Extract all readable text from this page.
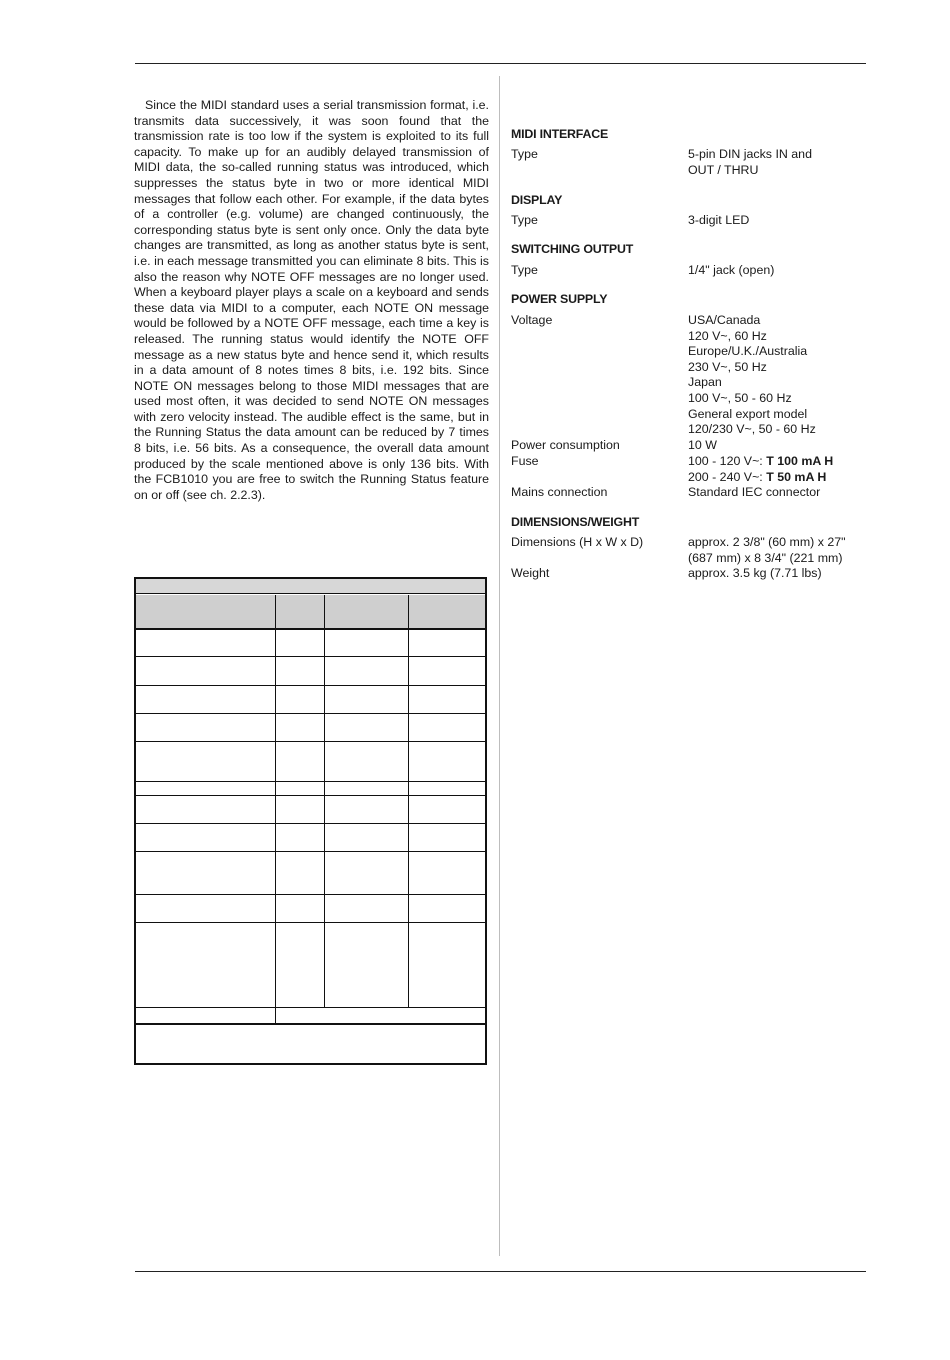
Since the MIDI standard uses a serial transmission format, i.e. transmits data successively, it was soon found that the transmission rate is too low if the system is exploited to its full capacity. To make up for an audibly delayed transmission of MIDI data, the so-called running status was introduced, which suppresses the status byte in two or more identical MIDI messages that follow each other. For example, if the data bytes of a controller (e.g. volume) are changed continuously, the corresponding status byte is sent only once. Only the data byte changes are transmitted, as long as another status byte is sent, i.e. in each message transmitted you can eliminate 8 bits. This is also the reason why NOTE OFF messages are no longer used. When a keyboard player plays a scale on a keyboard and sends these data via MIDI to a computer, each NOTE ON message would be followed by a NOTE OFF message, each time a key is released. The running status would identify the NOTE OFF message as a new status byte and hence send it, which results in a data amount of 8 notes times 8 bits, i.e. 192 bits. Since NOTE ON messages belong to those MIDI messages that are used most often, it was decided to send NOTE ON messages with zero velocity instead. The audible effect is the same, but in the Running Status the data amount can be reduced by 7 times 8 bits, i.e. 56 bits. As a consequence, the overall data amount produced by the scale mentioned above is only 136 bits. With the FCB1010 you are free to switch the Running Status feature on or off (see ch. 2.2.3).

MIDI INTERFACE
Type	5-pin DIN jacks IN and
OUT / THRU
DISPLAY
Type	3-digit LED
SWITCHING OUTPUT
Type	1/4" jack (open)
POWER SUPPLY
Voltage	USA/Canada
120 V~, 60 Hz
Europe/U.K./Australia
230 V~, 50 Hz
Japan
100 V~, 50 - 60 Hz
General export model
120/230 V~, 50 - 60 Hz
Power consumption	10 W
Fuse	100 - 120 V~: T 100 mA H
200 - 240 V~: T 50 mA H
Mains connection	Standard IEC connector
DIMENSIONS/WEIGHT
Dimensions (H x W x D)	approx. 2 3/8" (60 mm) x 27"
(687 mm) x 8 3/4" (221 mm)
Weight	approx. 3.5 kg (7.71 lbs)
